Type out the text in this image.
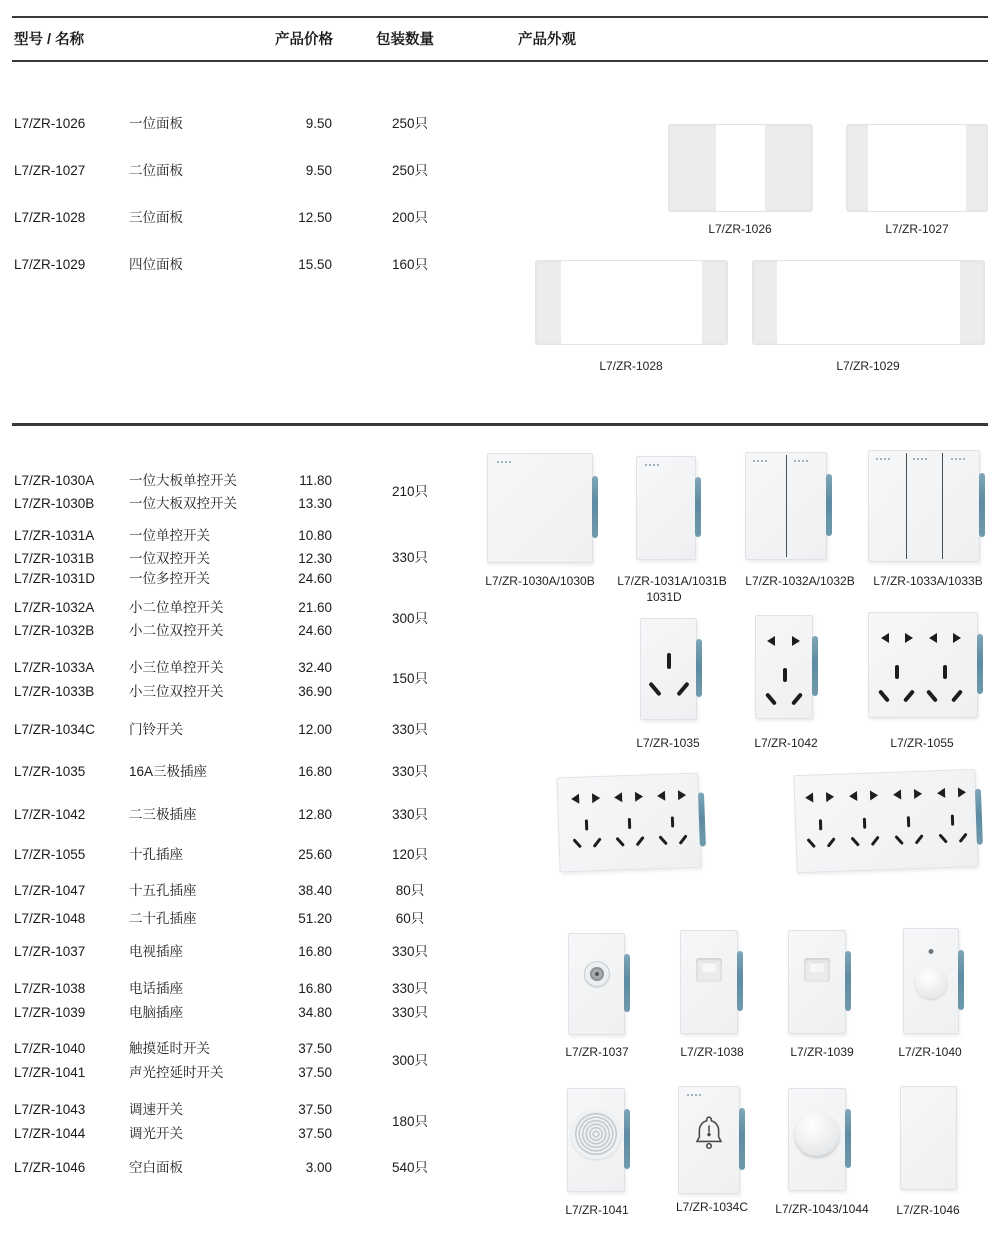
型号 / 名称	产品价格	包装数量	产品外观
L7/ZR-1026	一位面板	9.50	250只
L7/ZR-1027	二位面板	9.50	250只
L7/ZR-1028	三位面板	12.50	200只
L7/ZR-1029	四位面板	15.50	160只
L7/ZR-1026	L7/ZR-1027
L7/ZR-1028	L7/ZR-1029
L7/ZR-1030A	一位大板单控开关	11.80
L7/ZR-1030B	一位大板双控开关	13.30
210只
L7/ZR-1031A	一位单控开关	10.80
L7/ZR-1031B	一位双控开关	12.30
L7/ZR-1031D	一位多控开关	24.60
330只
L7/ZR-1032A	小二位单控开关	21.60
L7/ZR-1032B	小二位双控开关	24.60
300只
L7/ZR-1033A	小三位单控开关	32.40
L7/ZR-1033B	小三位双控开关	36.90
150只
L7/ZR-1034C	门铃开关	12.00	330只
L7/ZR-1035	16A三极插座	16.80	330只
L7/ZR-1042	二三极插座	12.80	330只
L7/ZR-1055	十孔插座	25.60	120只
L7/ZR-1047	十五孔插座	38.40	80只
L7/ZR-1048	二十孔插座	51.20	60只
L7/ZR-1037	电视插座	16.80	330只
L7/ZR-1038	电话插座	16.80	330只
L7/ZR-1039	电脑插座	34.80	330只
L7/ZR-1040	触摸延时开关	37.50
L7/ZR-1041	声光控延时开关	37.50
300只
L7/ZR-1043	调速开关	37.50
L7/ZR-1044	调光开关	37.50
180只
L7/ZR-1046	空白面板	3.00	540只
L7/ZR-1030A/1030B L7/ZR-1031A/1031B
1031D
L7/ZR-1032A/1032B L7/ZR-1033A/1033B
L7/ZR-1035	L7/ZR-1042	L7/ZR-1055
L7/ZR-1037	L7/ZR-1038	L7/ZR-1039	L7/ZR-1040
L7/ZR-1041	L7/ZR-1034C L7/ZR-1043/1044 L7/ZR-1046
